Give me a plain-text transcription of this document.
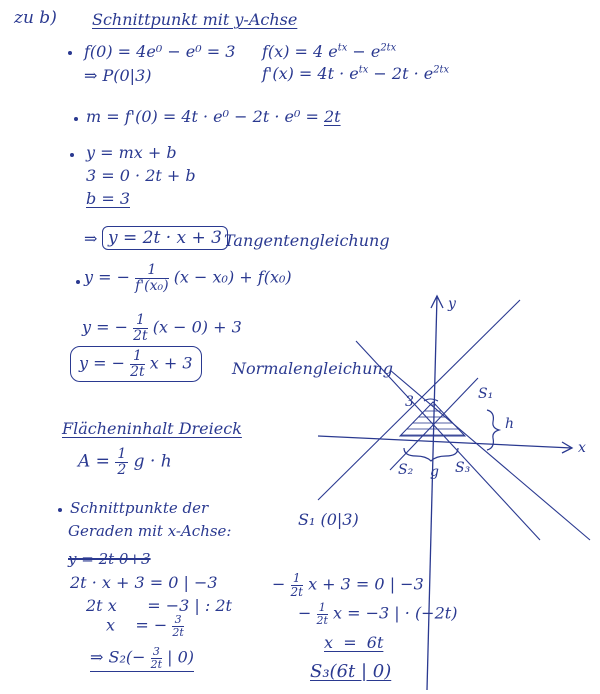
zu b) Schnittpunkt mit y-Achse
f(0) = 4e⁰ − e⁰ = 3
⇒ P(0|3)
f(x) = 4 $e^{tx} - e^{2tx}$
$f'(x) = 4t \cdot e^{tx} - 2t \cdot e^{2tx}$
m = f'(0) = 4t · e⁰ − 2t · e⁰ = 2t
y = mx + b
3 = 0 · 2t + b
b = 3
⇒ y = 2t · x + 3 Tangentengleichung
y = − $\frac{1}{\text{f'(x₀)}} (x - x_0) + f(x_0)$
y = − $\frac{1}{2t} (x - 0) + 3$
y = − $\frac{1}{2t}$ x + 3	Normalengleichung
Flächeninhalt Dreieck
$A = \frac{1}{2}$ g · h
Schnittpunkte der
Geraden mit x-Achse:
y = 2t·0+3
2t · x + 3 = 0 | −3
2t x      = −3 | : 2t
x = − $\frac{3}{2t}$
⇒ $S_2(- \frac{3}{2t}$ | 0)
− $\frac{1}{2t}$ x + 3 = 0 | −3
− $\frac{1}{2t}$ x = −3 | · (−2t)
x  =  6t
S₃(6t | 0)
y
x
3	S₁
h
S₂ g S₃
S₁ (0|3)
